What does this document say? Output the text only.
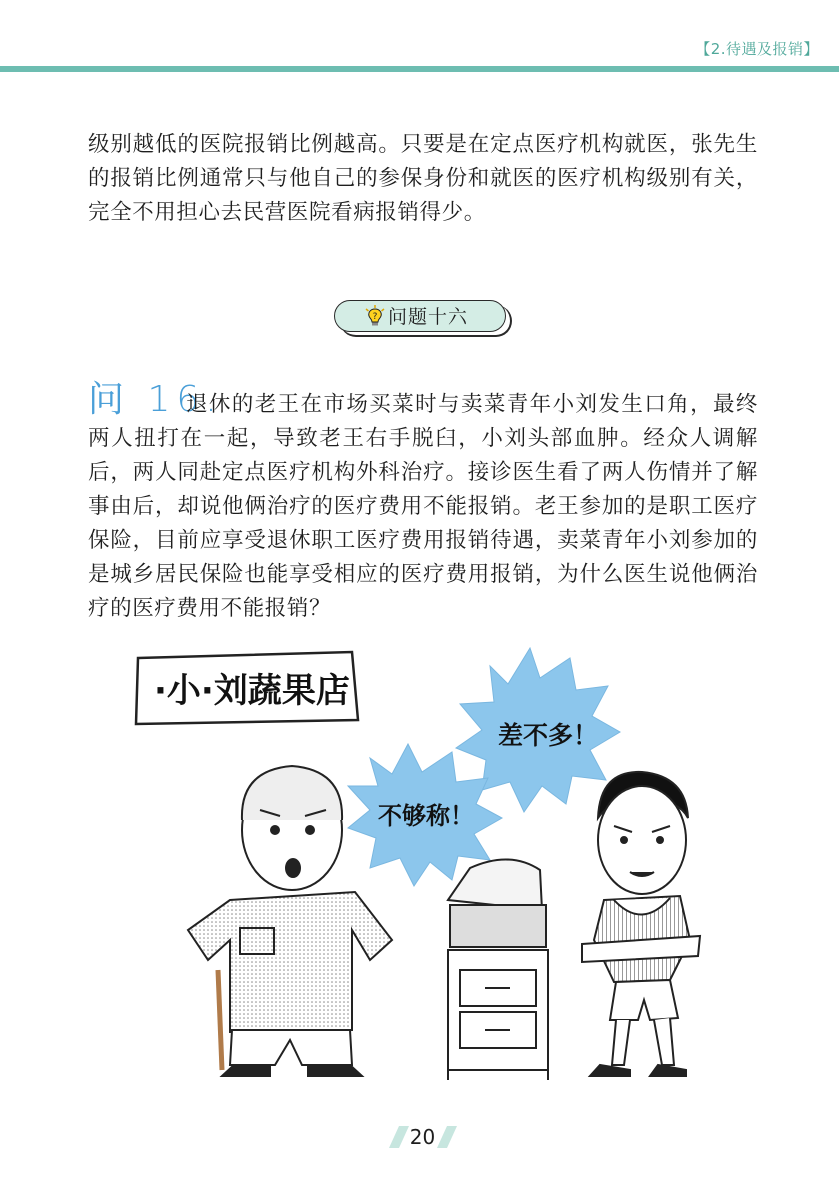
【2.待遇及报销】
级别越低的医院报销比例越高。只要是在定点医疗机构就医，张先生的报销比例通常只与他自己的参保身份和就医的医疗机构级别有关，完全不用担心去民营医院看病报销得少。
? 问题十六
问 16.
退休的老王在市场买菜时与卖菜青年小刘发生口角，最终两人扭打在一起，导致老王右手脱臼，小刘头部血肿。经众人调解后，两人同赴定点医疗机构外科治疗。接诊医生看了两人伤情并了解事由后，却说他俩治疗的医疗费用不能报销。老王参加的是职工医疗保险，目前应享受退休职工医疗费用报销待遇，卖菜青年小刘参加的是城乡居民保险也能享受相应的医疗费用报销，为什么医生说他俩治疗的医疗费用不能报销？
·小·刘蔬果店
差不多！
不够称！
20
